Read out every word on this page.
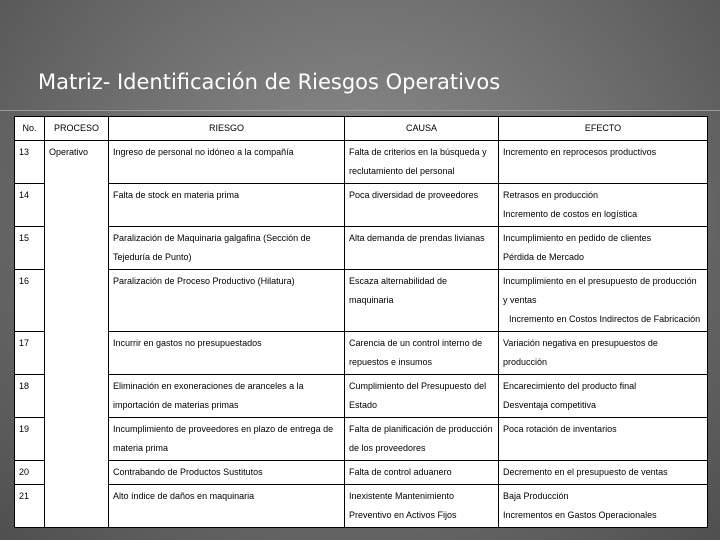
Matriz- Identificación de Riesgos Operativos
No.	PROCESO	RIESGO	CAUSA	EFECTO
13	Operativo	Ingreso de personal no idóneo a la compañía	Falta de criterios en la búsqueda y reclutamiento del personal	Incremento en reprocesos productivos

14		Falta de stock en materia prima	Poca diversidad de proveedores	Retrasos en producción
Incremento de costos en logística

15		Paralización de Maquinaria galgafina (Sección de Tejeduría de Punto)	Alta demanda de prendas livianas	Incumplimiento en pedido de clientes
Pérdida de Mercado

16		Paralización de Proceso Productivo (Hilatura)	Escaza alternabilidad de maquinaria	Incumplimiento en el presupuesto de producción y ventas
Incremento en Costos Indirectos de Fabricación

17		Incurrir en gastos no presupuestados	Carencia de un control interno de repuestos e insumos	Variación negativa en presupuestos de producción

18		Eliminación en exoneraciones de aranceles a la importación de materias primas	Cumplimiento del Presupuesto del Estado	Encarecimiento del producto final
Desventaja competitiva

19		Incumplimiento de proveedores en plazo de entrega de materia prima	Falta de planificación de producción de los proveedores	Poca rotación de inventarios

20		Contrabando de Productos Sustitutos	Falta de control aduanero	Decremento en el presupuesto de ventas

21		Alto índice de daños en maquinaria	Inexistente Mantenimiento Preventivo en Activos Fijos	Baja Producción
Incrementos en Gastos Operacionales
